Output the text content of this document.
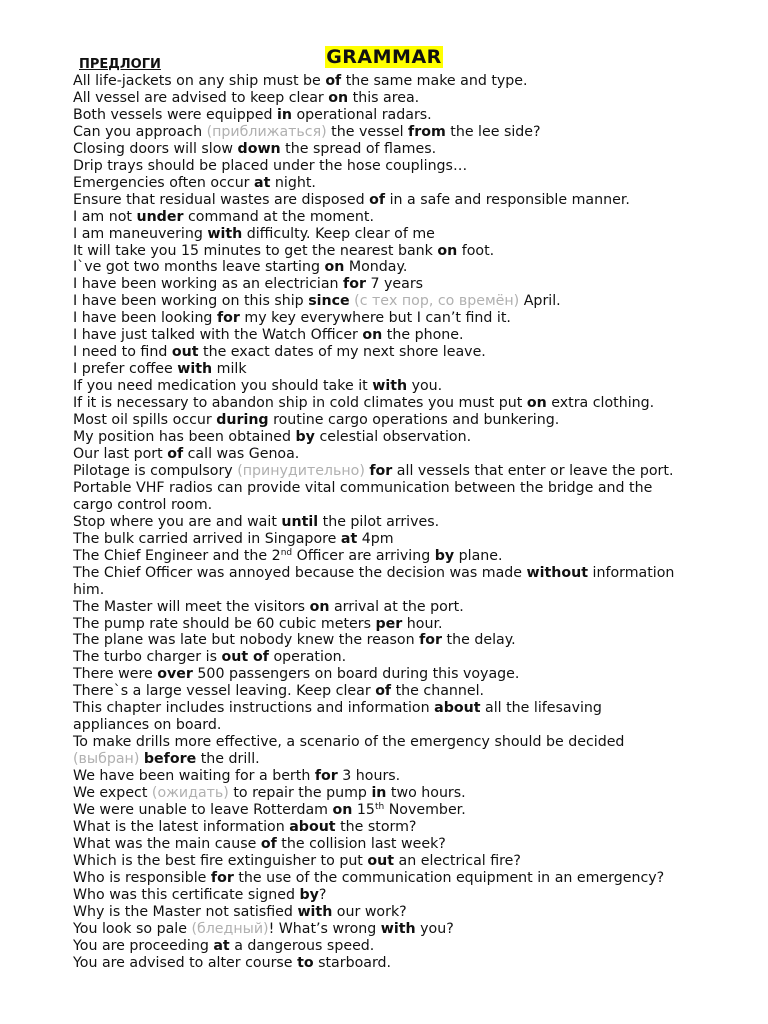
GRAMMAR
ПРЕДЛОГИ

All life-jackets on any ship must be of the same make and type.

All vessel are advised to keep clear on this area.

Both vessels were equipped in operational radars.

Can you approach (приближаться) the vessel from the lee side?

Closing doors will slow down the spread of flames.

Drip trays should be placed under the hose couplings…

Emergencies often occur at night.

Ensure that residual wastes are disposed of in a safe and responsible manner.

I am not under command at the moment.

I am maneuvering with difficulty. Keep clear of me

It will take you 15 minutes to get the nearest bank on foot.

I`ve got two months leave starting on Monday.

I have been working as an electrician for 7 years

I have been working on this ship since (с тех пор, со времён) April.

I have been looking for my key everywhere but I can’t find it.

I have just talked with the Watch Officer on the phone.

I need to find out the exact dates of my next shore leave.

I prefer coffee with milk

If you need medication you should take it with you.

If it is necessary to abandon ship in cold climates you must put on extra clothing.

Most oil spills occur during routine cargo operations and bunkering.

My position has been obtained by celestial observation.

Our last port of call was Genoa.

Pilotage is compulsory (принудительно) for all vessels that enter or leave the port.

Portable VHF radios can provide vital communication between the bridge and the

cargo control room.

Stop where you are and wait until the pilot arrives.

The bulk carried arrived in Singapore at 4pm

The Chief Engineer and the 2nd Officer are arriving by plane.

The Chief Officer was annoyed because the decision was made without information

him.

The Master will meet the visitors on arrival at the port.

The pump rate should be 60 cubic meters per hour.

The plane was late but nobody knew the reason for the delay.

The turbo charger is out of operation.

There were over 500 passengers on board during this voyage.

There`s a large vessel leaving. Keep clear of the channel.

This chapter includes instructions and information about all the lifesaving

appliances on board.

To make drills more effective, a scenario of the emergency should be decided

(выбран) before the drill.

We have been waiting for a berth for 3 hours.

We expect (ожидать) to repair the pump in two hours.

We were unable to leave Rotterdam on 15th November.

What is the latest information about the storm?

What was the main cause of the collision last week?

Which is the best fire extinguisher to put out an electrical fire?

Who is responsible for the use of the communication equipment in an emergency?

Who was this certificate signed by?

Why is the Master not satisfied with our work?

You look so pale (бледный)! What’s wrong with you?

You are proceeding at a dangerous speed.

You are advised to alter course to starboard.
